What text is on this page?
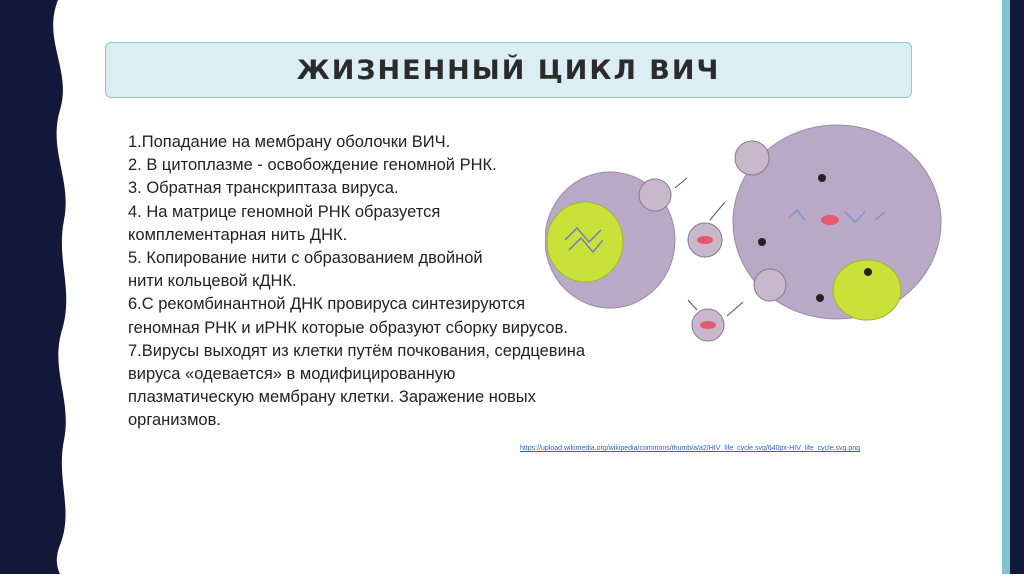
ЖИЗНЕННЫЙ ЦИКЛ ВИЧ
1.Попадание на мембрану оболочки ВИЧ.
2. В цитоплазме - освобождение геномной РНК.
3. Обратная транскриптаза вируса.
4. На матрице геномной РНК образуется
комплементарная нить ДНК.
5. Копирование нити с образованием двойной
нити кольцевой кДНК.
6.С рекомбинантной ДНК провируса синтезируются
геномная РНК и иРНК которые образуют сборку вирусов.
7.Вирусы выходят из клетки путём почкования, сердцевина
вируса «одевается» в модифицированную
плазматическую мембрану клетки. Заражение новых
организмов.
https://upload.wikimedia.org/wikipedia/commons/thumb/a/a2/HIV_life_cycle.svg/640px-HIV_life_cycle.svg.png
